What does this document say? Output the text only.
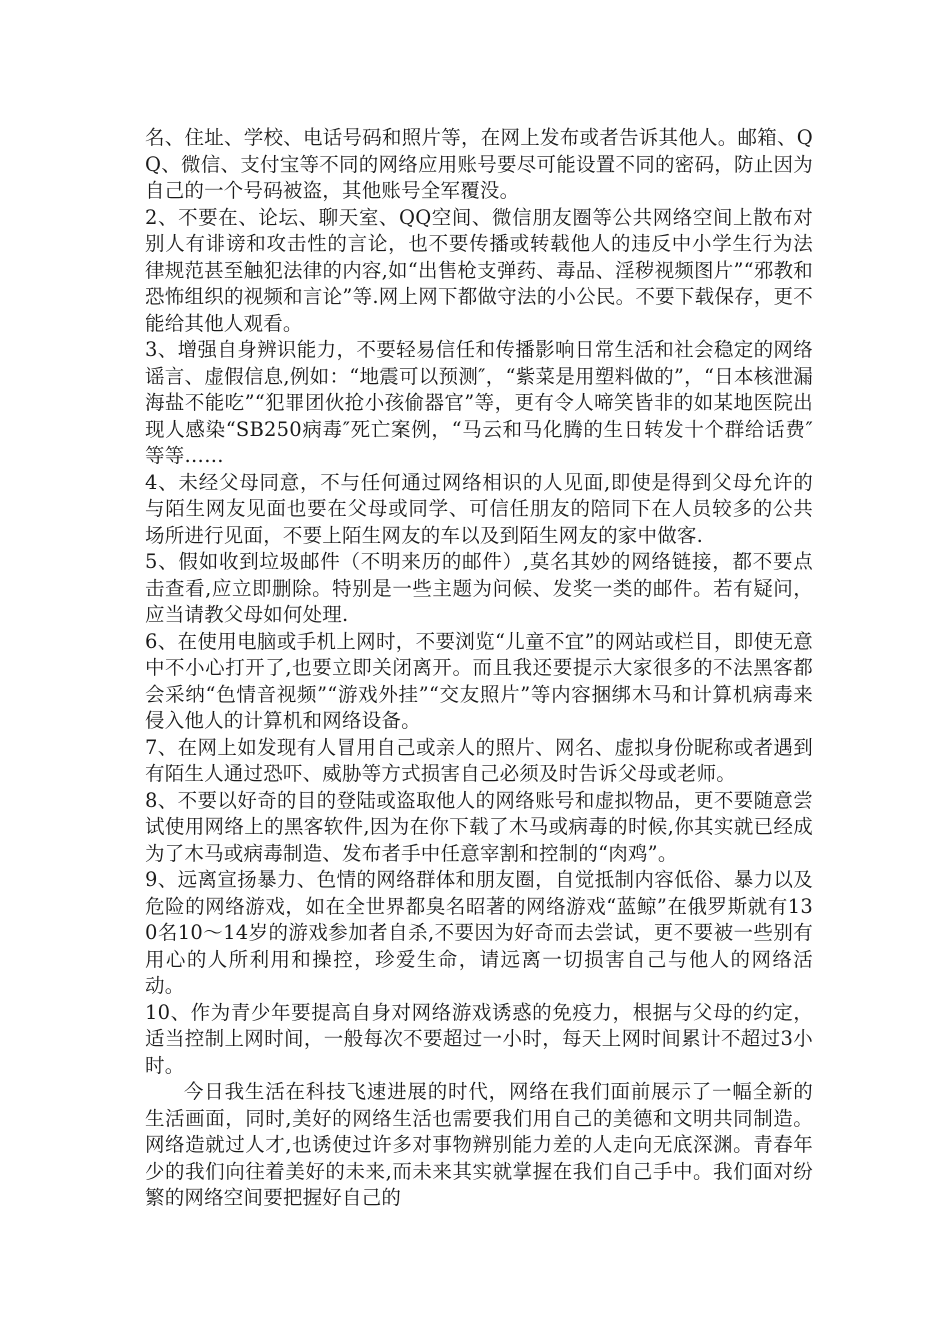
名、住址、学校、电话号码和照片等，在网上发布或者告诉其他人。邮箱、QQ、微信、支付宝等不同的网络应用账号要尽可能设置不同的密码，防止因为自己的一个号码被盗，其他账号全军覆没。

2、不要在、论坛、聊天室、QQ空间、微信朋友圈等公共网络空间上散布对别人有诽谤和攻击性的言论，也不要传播或转载他人的违反中小学生行为法律规范甚至触犯法律的内容,如“出售枪支弹药、毒品、淫秽视频图片”“邪教和恐怖组织的视频和言论”等.网上网下都做守法的小公民。不要下载保存，更不能给其他人观看。

3、增强自身辨识能力，不要轻易信任和传播影响日常生活和社会稳定的网络谣言、虚假信息,例如：“地震可以预测″，“紫菜是用塑料做的”，“日本核泄漏海盐不能吃”“犯罪团伙抢小孩偷器官”等，更有令人啼笑皆非的如某地医院出现人感染“SB250病毒″死亡案例，“马云和马化腾的生日转发十个群给话费″等等……

4、未经父母同意，不与任何通过网络相识的人见面,即使是得到父母允许的与陌生网友见面也要在父母或同学、可信任朋友的陪同下在人员较多的公共场所进行见面，不要上陌生网友的车以及到陌生网友的家中做客.

5、假如收到垃圾邮件（不明来历的邮件）,莫名其妙的网络链接，都不要点击查看,应立即删除。特别是一些主题为问候、发奖一类的邮件。若有疑问，应当请教父母如何处理.

6、在使用电脑或手机上网时，不要浏览“儿童不宜”的网站或栏目，即使无意中不小心打开了,也要立即关闭离开。而且我还要提示大家很多的不法黑客都会采纳“色情音视频”“游戏外挂”“交友照片”等内容捆绑木马和计算机病毒来侵入他人的计算机和网络设备。

7、在网上如发现有人冒用自己或亲人的照片、网名、虚拟身份昵称或者遇到有陌生人通过恐吓、威胁等方式损害自己必须及时告诉父母或老师。

8、不要以好奇的目的登陆或盗取他人的网络账号和虚拟物品，更不要随意尝试使用网络上的黑客软件,因为在你下载了木马或病毒的时候,你其实就已经成为了木马或病毒制造、发布者手中任意宰割和控制的“肉鸡”。

9、远离宣扬暴力、色情的网络群体和朋友圈，自觉抵制内容低俗、暴力以及危险的网络游戏，如在全世界都臭名昭著的网络游戏“蓝鲸”在俄罗斯就有130名10～14岁的游戏参加者自杀,不要因为好奇而去尝试，更不要被一些别有用心的人所利用和操控，珍爱生命，请远离一切损害自己与他人的网络活动。

10、作为青少年要提高自身对网络游戏诱惑的免疫力，根据与父母的约定，适当控制上网时间，一般每次不要超过一小时，每天上网时间累计不超过3小时。

今日我生活在科技飞速进展的时代，网络在我们面前展示了一幅全新的生活画面，同时,美好的网络生活也需要我们用自己的美德和文明共同制造。网络造就过人才,也诱使过许多对事物辨别能力差的人走向无底深渊。青春年少的我们向往着美好的未来,而未来其实就掌握在我们自己手中。我们面对纷繁的网络空间要把握好自己的
